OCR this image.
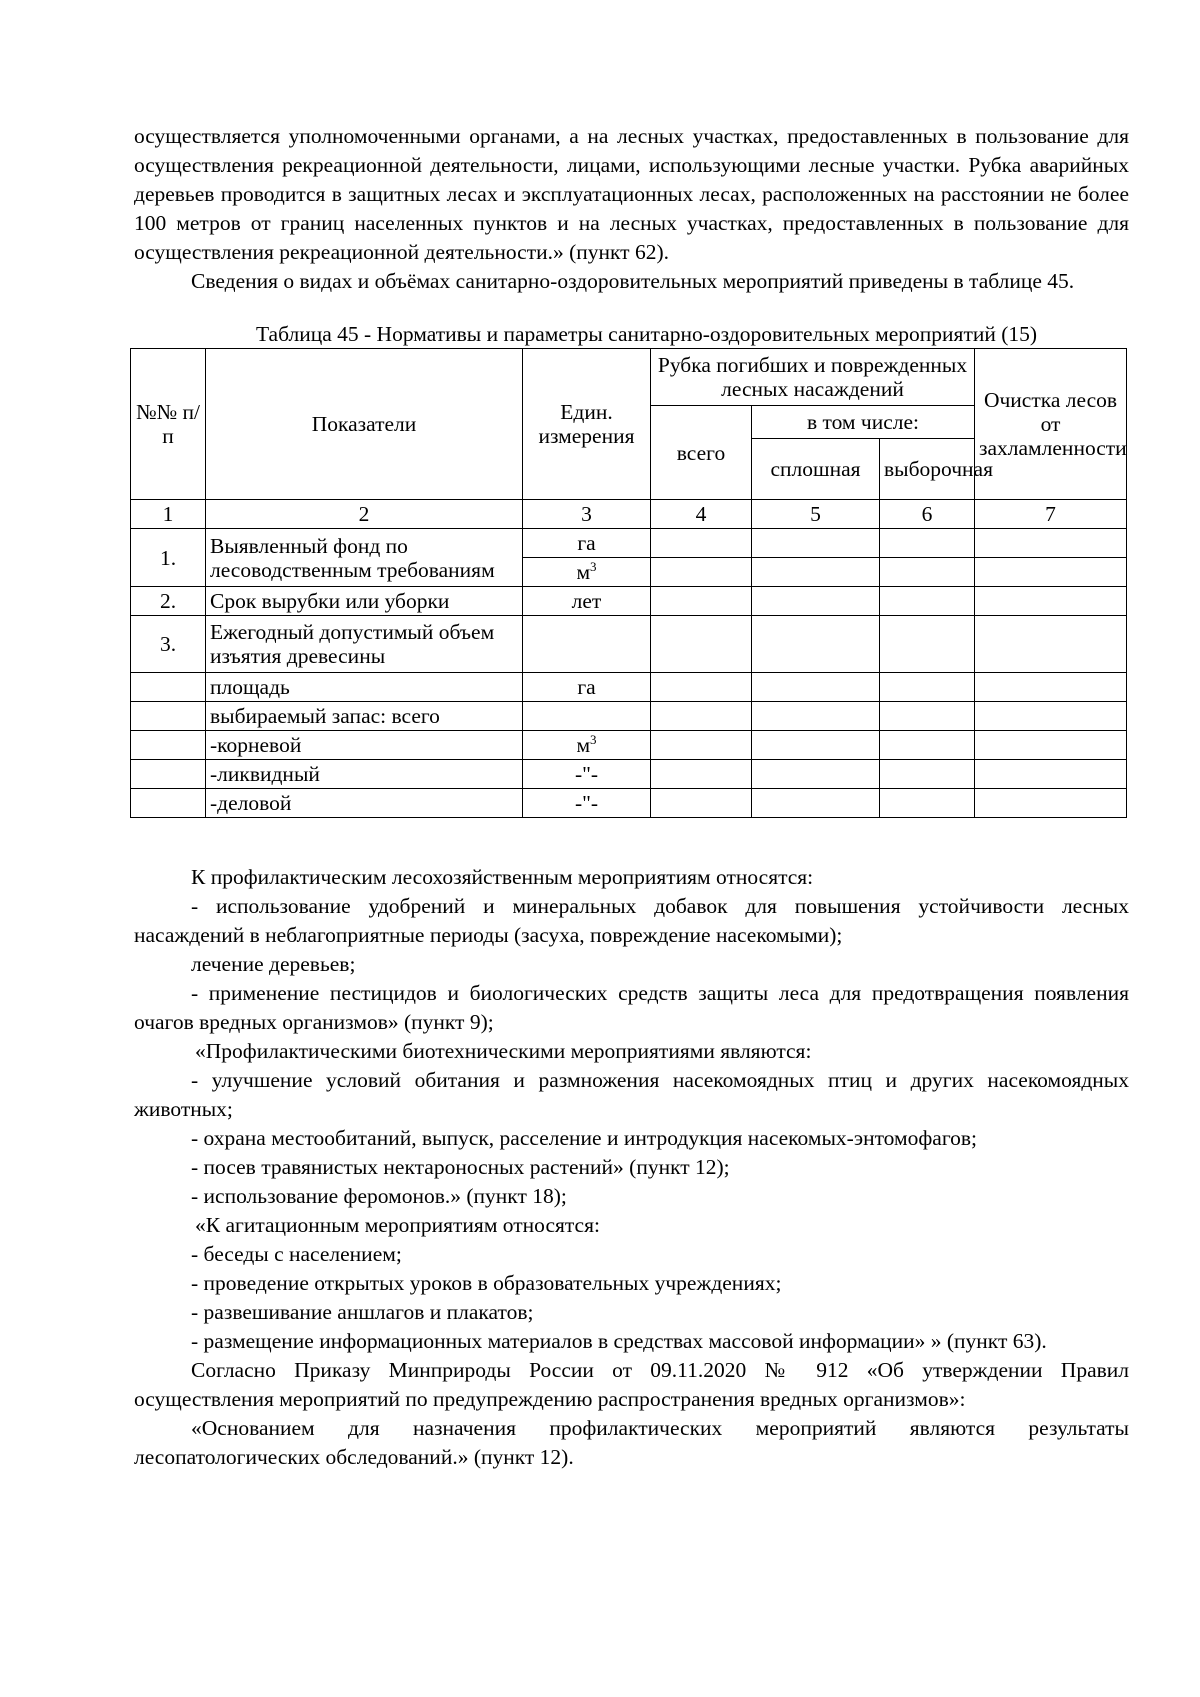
осуществляется уполномоченными органами, а на лесных участках, предоставленных в пользование для осуществления рекреационной деятельности, лицами, использующими лесные участки. Рубка аварийных деревьев проводится в защитных лесах и эксплуатационных лесах, расположенных на расстоянии не более 100 метров от границ населенных пунктов и на лесных участках, предоставленных в пользование для осуществления рекреационной деятельности.» (пункт 62).

Сведения о видах и объёмах санитарно-оздоровительных мероприятий приведены в таблице 45.

Таблица 45 - Нормативы и параметры санитарно-оздоровительных мероприятий (15)

№№ п/п	Показатели	Един. измерения	Рубка погибших и поврежденных лесных насаждений			Очистка лесов от захламленности
			всего	в том числе:		
				сплошная	выборочная	
1	2	3	4	5	6	7
1.	Выявленный фонд по лесоводственным требованиям	га				
		$м^3$				
2.	Срок вырубки или уборки	лет				
3.	Ежегодный допустимый объем изъятия древесины					
	площадь	га				
	выбираемый запас: всего					
	-корневой	$м^3$				
	-ликвидный	-"-				
	-деловой	-"-				

К профилактическим лесохозяйственным мероприятиям относятся:

- использование удобрений и минеральных добавок для повышения устойчивости лесных насаждений в неблагоприятные периоды (засуха, повреждение насекомыми);

лечение деревьев;

- применение пестицидов и биологических средств защиты леса для предотвращения появления очагов вредных организмов» (пункт 9);

«Профилактическими биотехническими мероприятиями являются:

- улучшение условий обитания и размножения насекомоядных птиц и других насекомоядных животных;

- охрана местообитаний, выпуск, расселение и интродукция насекомых-энтомофагов;

- посев травянистых нектароносных растений» (пункт 12);

- использование феромонов.» (пункт 18);

«К агитационным мероприятиям относятся:

- беседы с населением;

- проведение открытых уроков в образовательных учреждениях;

- развешивание аншлагов и плакатов;

- размещение информационных материалов в средствах массовой информации» » (пункт 63).

Согласно Приказу Минприроды России от 09.11.2020 № 912 «Об утверждении Правил осуществления мероприятий по предупреждению распространения вредных организмов»:

«Основанием для назначения профилактических мероприятий являются результаты лесопатологических обследований.» (пункт 12).
